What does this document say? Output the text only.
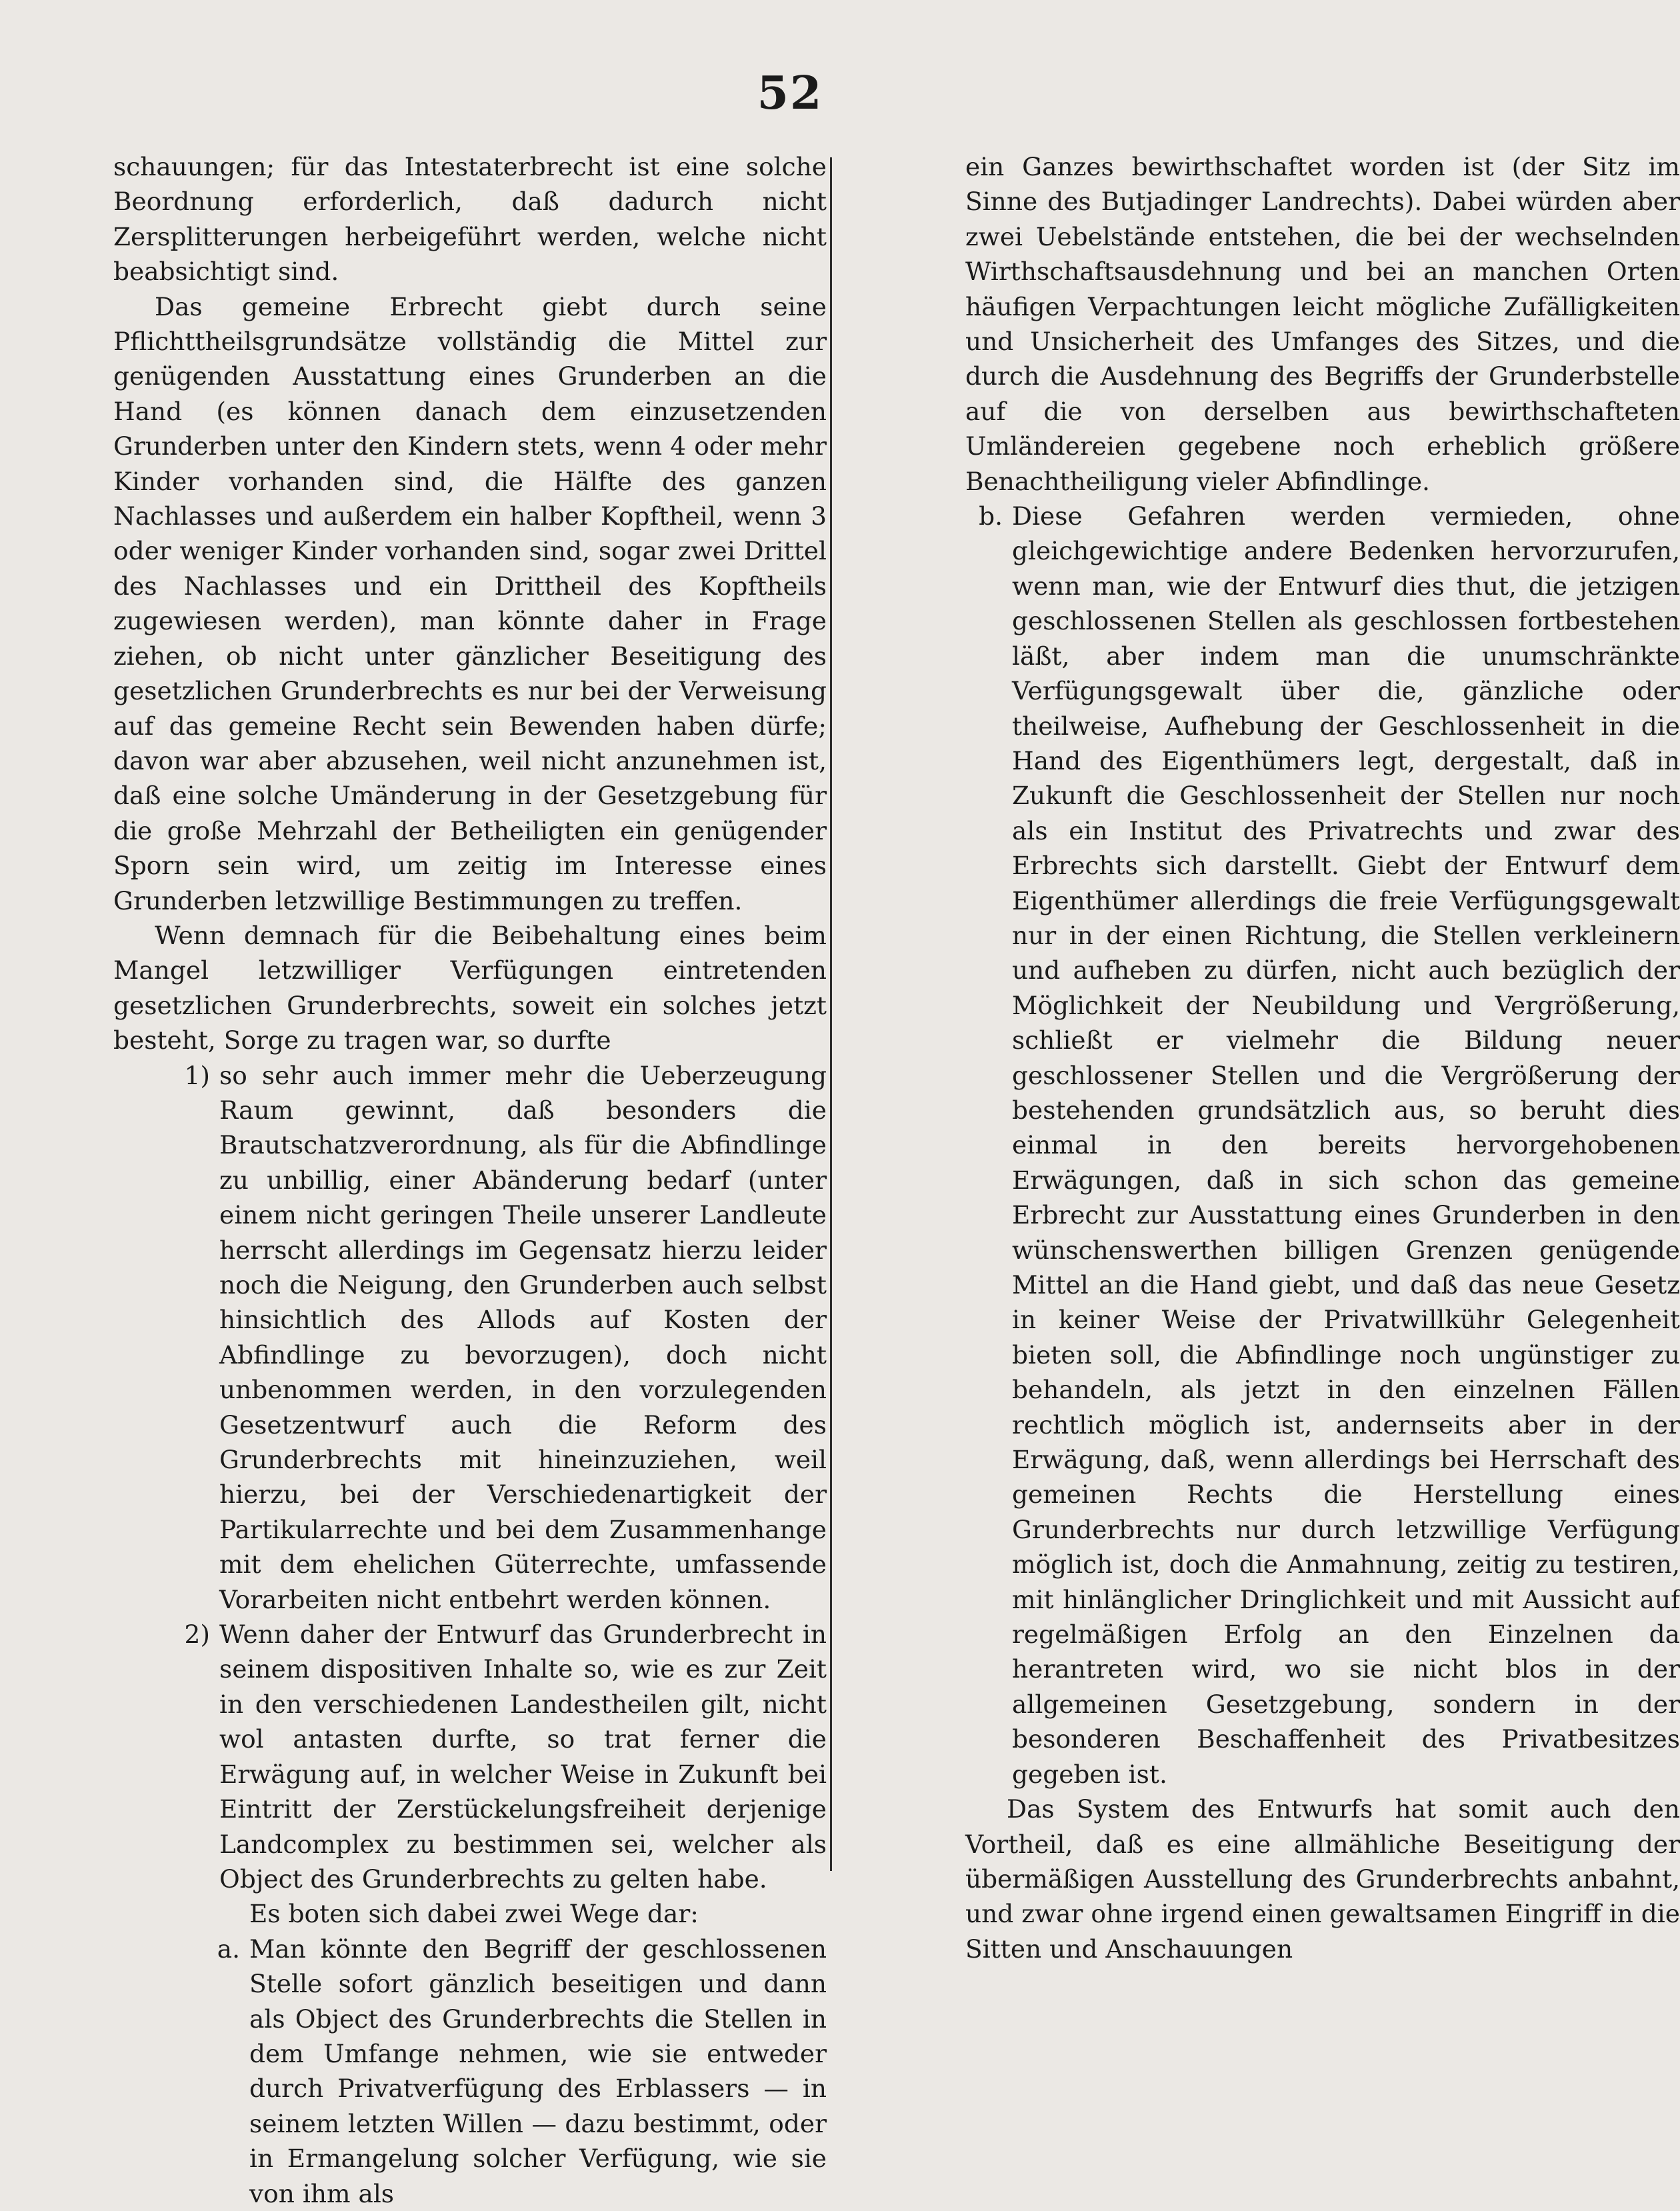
52

schauungen; für das Intestaterbrecht ist eine solche Beordnung erforderlich, daß dadurch nicht Zersplitterungen herbeigeführt werden, welche nicht beabsichtigt sind.

Das gemeine Erbrecht giebt durch seine Pflichttheilsgrundsätze vollständig die Mittel zur genügenden Ausstattung eines Grunderben an die Hand (es können danach dem einzusetzenden Grunderben unter den Kindern stets, wenn 4 oder mehr Kinder vorhanden sind, die Hälfte des ganzen Nachlasses und außerdem ein halber Kopftheil, wenn 3 oder weniger Kinder vorhanden sind, sogar zwei Drittel des Nachlasses und ein Drittheil des Kopftheils zugewiesen werden), man könnte daher in Frage ziehen, ob nicht unter gänzlicher Beseitigung des gesetzlichen Grunderbrechts es nur bei der Verweisung auf das gemeine Recht sein Bewenden haben dürfe; davon war aber abzusehen, weil nicht anzunehmen ist, daß eine solche Umänderung in der Gesetzgebung für die große Mehrzahl der Betheiligten ein genügender Sporn sein wird, um zeitig im Interesse eines Grunderben letzwillige Bestimmungen zu treffen.

Wenn demnach für die Beibehaltung eines beim Mangel letzwilliger Verfügungen eintretenden gesetzlichen Grunderbrechts, soweit ein solches jetzt besteht, Sorge zu tragen war, so durfte

1) so sehr auch immer mehr die Ueberzeugung Raum gewinnt, daß besonders die Brautschatzverordnung, als für die Abfindlinge zu unbillig, einer Abänderung bedarf (unter einem nicht geringen Theile unserer Landleute herrscht allerdings im Gegensatz hierzu leider noch die Neigung, den Grunderben auch selbst hinsichtlich des Allods auf Kosten der Abfindlinge zu bevorzugen), doch nicht unbenommen werden, in den vorzulegenden Gesetzentwurf auch die Reform des Grunderbrechts mit hineinzuziehen, weil hierzu, bei der Verschiedenartigkeit der Partikularrechte und bei dem Zusammenhange mit dem ehelichen Güterrechte, umfassende Vorarbeiten nicht entbehrt werden können.
2) Wenn daher der Entwurf das Grunderbrecht in seinem dispositiven Inhalte so, wie es zur Zeit in den verschiedenen Landestheilen gilt, nicht wol antasten durfte, so trat ferner die Erwägung auf, in welcher Weise in Zukunft bei Eintritt der Zerstückelungsfreiheit derjenige Landcomplex zu bestimmen sei, welcher als Object des Grunderbrechts zu gelten habe.

Es boten sich dabei zwei Wege dar:

a. Man könnte den Begriff der geschlossenen Stelle sofort gänzlich beseitigen und dann als Object des Grunderbrechts die Stellen in dem Umfange nehmen, wie sie entweder durch Privatverfügung des Erblassers — in seinem letzten Willen — dazu bestimmt, oder in Ermangelung solcher Verfügung, wie sie von ihm als

ein Ganzes bewirthschaftet worden ist (der Sitz im Sinne des Butjadinger Landrechts). Dabei würden aber zwei Uebelstände entstehen, die bei der wechselnden Wirthschaftsausdehnung und bei an manchen Orten häufigen Verpachtungen leicht mögliche Zufälligkeiten und Unsicherheit des Umfanges des Sitzes, und die durch die Ausdehnung des Begriffs der Grunderbstelle auf die von derselben aus bewirthschafteten Umländereien gegebene noch erheblich größere Benachtheiligung vieler Abfindlinge.

b. Diese Gefahren werden vermieden, ohne gleichgewichtige andere Bedenken hervorzurufen, wenn man, wie der Entwurf dies thut, die jetzigen geschlossenen Stellen als geschlossen fortbestehen läßt, aber indem man die unumschränkte Verfügungsgewalt über die, gänzliche oder theilweise, Aufhebung der Geschlossenheit in die Hand des Eigenthümers legt, dergestalt, daß in Zukunft die Geschlossenheit der Stellen nur noch als ein Institut des Privatrechts und zwar des Erbrechts sich darstellt. Giebt der Entwurf dem Eigenthümer allerdings die freie Verfügungsgewalt nur in der einen Richtung, die Stellen verkleinern und aufheben zu dürfen, nicht auch bezüglich der Möglichkeit der Neubildung und Vergrößerung, schließt er vielmehr die Bildung neuer geschlossener Stellen und die Vergrößerung der bestehenden grundsätzlich aus, so beruht dies einmal in den bereits hervorgehobenen Erwägungen, daß in sich schon das gemeine Erbrecht zur Ausstattung eines Grunderben in den wünschenswerthen billigen Grenzen genügende Mittel an die Hand giebt, und daß das neue Gesetz in keiner Weise der Privatwillkühr Gelegenheit bieten soll, die Abfindlinge noch ungünstiger zu behandeln, als jetzt in den einzelnen Fällen rechtlich möglich ist, andernseits aber in der Erwägung, daß, wenn allerdings bei Herrschaft des gemeinen Rechts die Herstellung eines Grunderbrechts nur durch letzwillige Verfügung möglich ist, doch die Anmahnung, zeitig zu testiren, mit hinlänglicher Dringlichkeit und mit Aussicht auf regelmäßigen Erfolg an den Einzelnen da herantreten wird, wo sie nicht blos in der allgemeinen Gesetzgebung, sondern in der besonderen Beschaffenheit des Privatbesitzes gegeben ist.

Das System des Entwurfs hat somit auch den Vortheil, daß es eine allmähliche Beseitigung der übermäßigen Ausstellung des Grunderbrechts anbahnt, und zwar ohne irgend einen gewaltsamen Eingriff in die Sitten und Anschauungen
